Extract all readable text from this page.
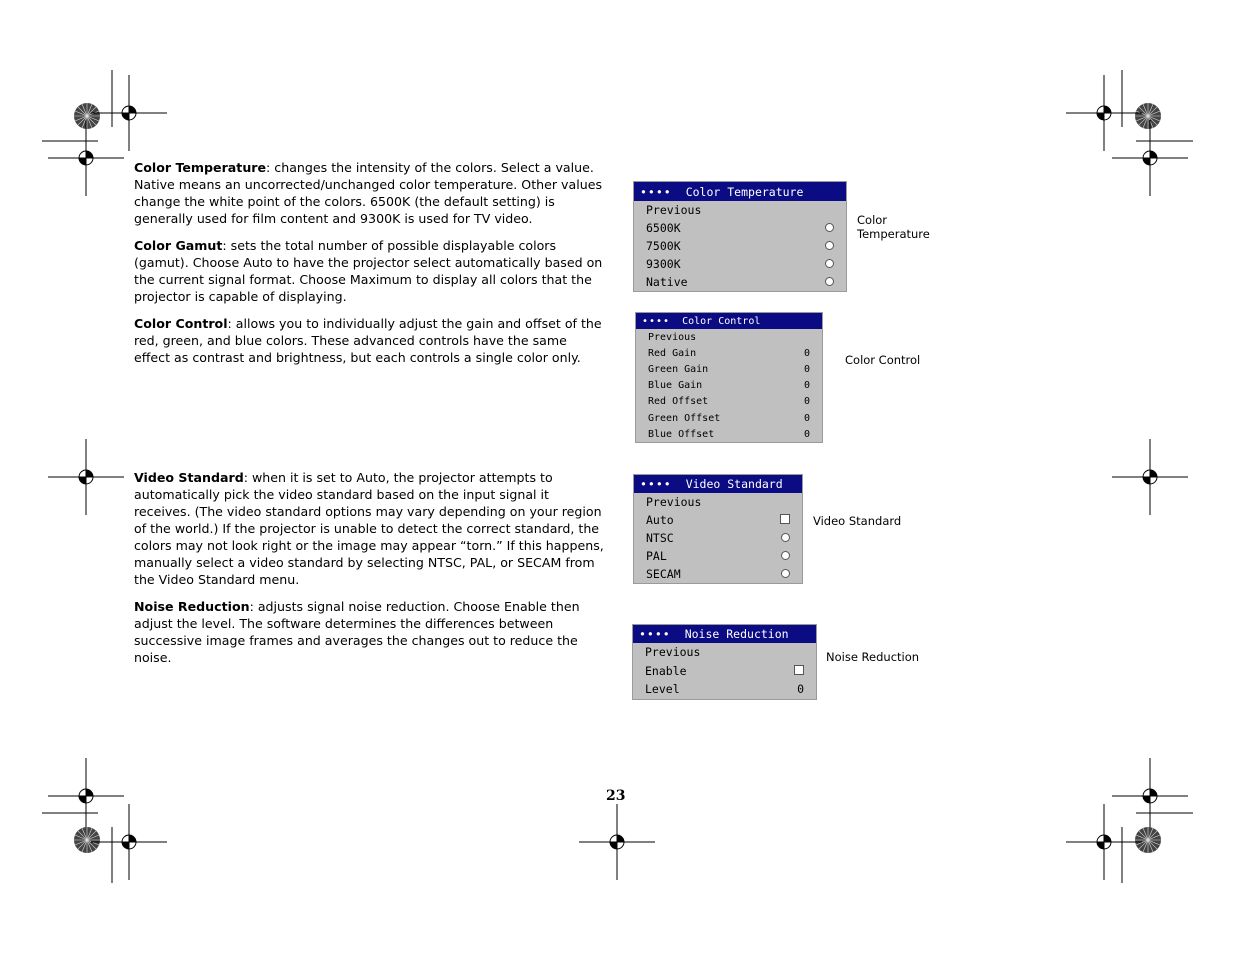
Color Temperature: changes the intensity of the colors. Select a value. Native means an uncorrected/unchanged color temperature. Other values change the white point of the colors. 6500K (the default setting) is generally used for film content and 9300K is used for TV video.

Color Gamut: sets the total number of possible displayable colors (gamut). Choose Auto to have the projector select automatically based on the current signal format. Choose Maximum to display all colors that the projector is capable of displaying.

Color Control: allows you to individually adjust the gain and offset of the red, green, and blue colors. These advanced controls have the same effect as contrast and brightness, but each controls a single color only.

Video Standard: when it is set to Auto, the projector attempts to automatically pick the video standard based on the input signal it receives. (The video standard options may vary depending on your region of the world.) If the projector is unable to detect the correct standard, the colors may not look right or the image may appear “torn.” If this happens, manually select a video standard by selecting NTSC, PAL, or SECAM from the Video Standard menu.

Noise Reduction: adjusts signal noise reduction. Choose Enable then adjust the level. The software determines the differences between successive image frames and averages the changes out to reduce the noise.

••••	Color Temperature
Previous
6500K
7500K
9300K
Native
Color
Temperature
••••	Color Control
Previous
Red Gain	0
Green Gain	0
Blue Gain	0
Red Offset	0
Green Offset	0
Blue Offset	0
Color Control
••••	Video Standard
Previous
Auto
NTSC
PAL
SECAM
Video Standard
••••	Noise Reduction
Previous
Enable
Level	0
Noise Reduction
23
